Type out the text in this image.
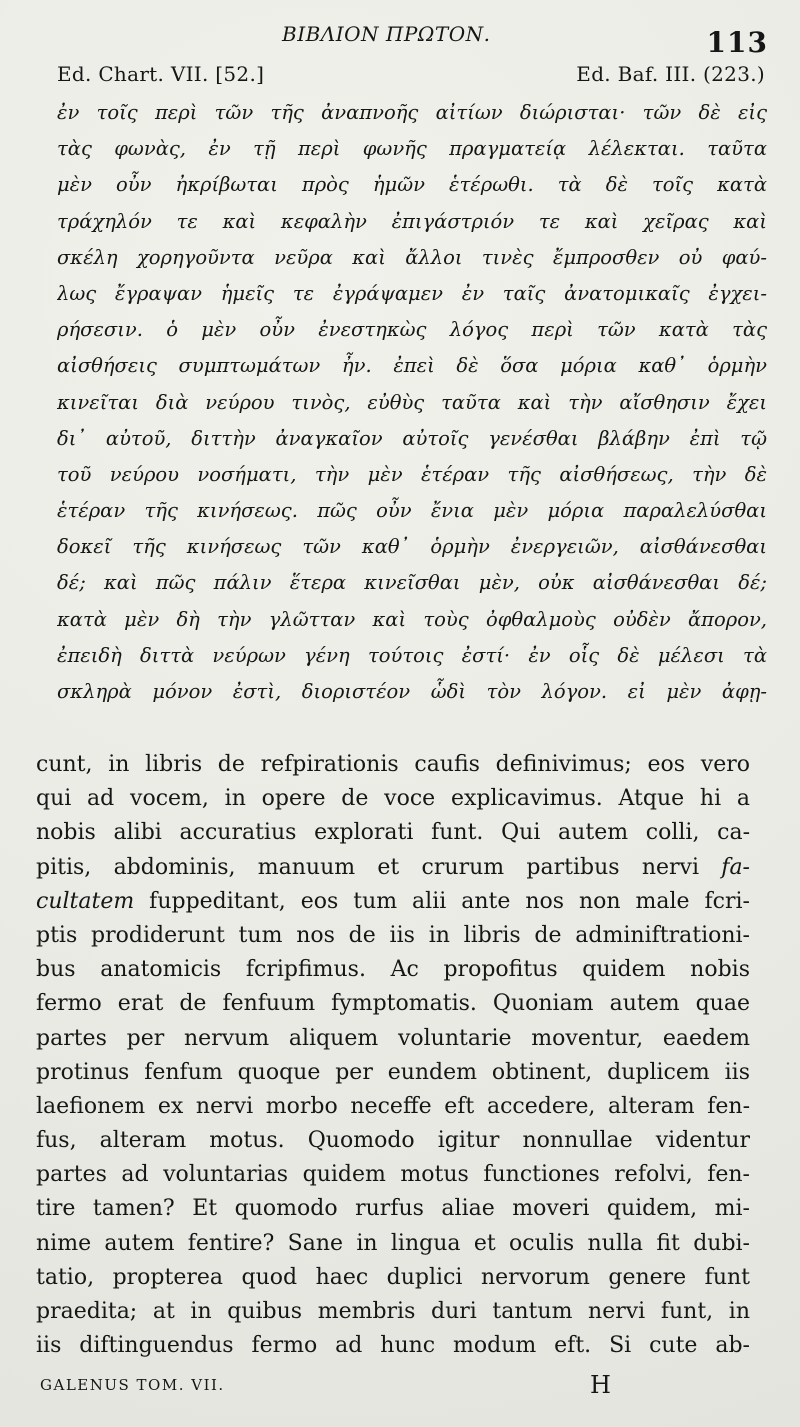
ΒΙΒΛΙΟΝ ΠΡΩΤΟΝ.	113
Ed. Chart. VII. [52.]	Ed. Baf. III. (223.)
ἐν τοῖς περὶ τῶν τῆς ἀναπνοῆς αἰτίων διώρισται· τῶν δὲ εἰς
τὰς φωνὰς, ἐν τῇ περὶ φωνῆς πραγματείᾳ λέλεκται. ταῦτα
μὲν οὖν ἠκρίβωται πρὸς ἡμῶν ἑτέρωθι. τὰ δὲ τοῖς κατὰ
τράχηλόν τε καὶ κεφαλὴν ἐπιγάστριόν τε καὶ χεῖρας καὶ
σκέλη χορηγοῦντα νεῦρα καὶ ἄλλοι τινὲς ἔμπροσθεν οὐ φαύ-
λως ἔγραψαν ἡμεῖς τε ἐγράψαμεν ἐν ταῖς ἀνατομικαῖς ἐγχει-
ρήσεσιν. ὁ μὲν οὖν ἐνεστηκὼς λόγος περὶ τῶν κατὰ τὰς
αἰσθήσεις συμπτωμάτων ἦν. ἐπεὶ δὲ ὅσα μόρια καθ᾽ ὁρμὴν
κινεῖται διὰ νεύρου τινὸς, εὐθὺς ταῦτα καὶ τὴν αἴσθησιν ἔχει
δι᾽ αὐτοῦ, διττὴν ἀναγκαῖον αὐτοῖς γενέσθαι βλάβην ἐπὶ τῷ
τοῦ νεύρου νοσήματι, τὴν μὲν ἑτέραν τῆς αἰσθήσεως, τὴν δὲ
ἑτέραν τῆς κινήσεως. πῶς οὖν ἔνια μὲν μόρια παραλελύσθαι
δοκεῖ τῆς κινήσεως τῶν καθ᾽ ὁρμὴν ἐνεργειῶν, αἰσθάνεσθαι
δέ; καὶ πῶς πάλιν ἕτερα κινεῖσθαι μὲν, οὐκ αἰσθάνεσθαι δέ;
κατὰ μὲν δὴ τὴν γλῶτταν καὶ τοὺς ὀφθαλμοὺς οὐδὲν ἄπορον,
ἐπειδὴ διττὰ νεύρων γένη τούτοις ἐστί· ἐν οἷς δὲ μέλεσι τὰ
σκληρὰ μόνον ἐστὶ, διοριστέον ὧδὶ τὸν λόγον. εἰ μὲν ἀφῃ-
cunt, in libris de refpirationis caufis definivimus; eos vero
qui ad vocem, in opere de voce explicavimus. Atque hi a
nobis alibi accuratius explorati funt. Qui autem colli, ca-
pitis, abdominis, manuum et crurum partibus nervi fa-
cultatem fuppeditant, eos tum alii ante nos non male fcri-
ptis prodiderunt tum nos de iis in libris de adminiftrationi-
bus anatomicis fcripfimus. Ac propofitus quidem nobis
fermo erat de fenfuum fymptomatis. Quoniam autem quae
partes per nervum aliquem voluntarie moventur, eaedem
protinus fenfum quoque per eundem obtinent, duplicem iis
laefionem ex nervi morbo neceffe eft accedere, alteram fen-
fus, alteram motus. Quomodo igitur nonnullae videntur
partes ad voluntarias quidem motus functiones refolvi, fen-
tire tamen? Et quomodo rurfus aliae moveri quidem, mi-
nime autem fentire? Sane in lingua et oculis nulla fit dubi-
tatio, propterea quod haec duplici nervorum genere funt
praedita; at in quibus membris duri tantum nervi funt, in
iis diftinguendus fermo ad hunc modum eft. Si cute ab-
GALENUS TOM. VII.	H
